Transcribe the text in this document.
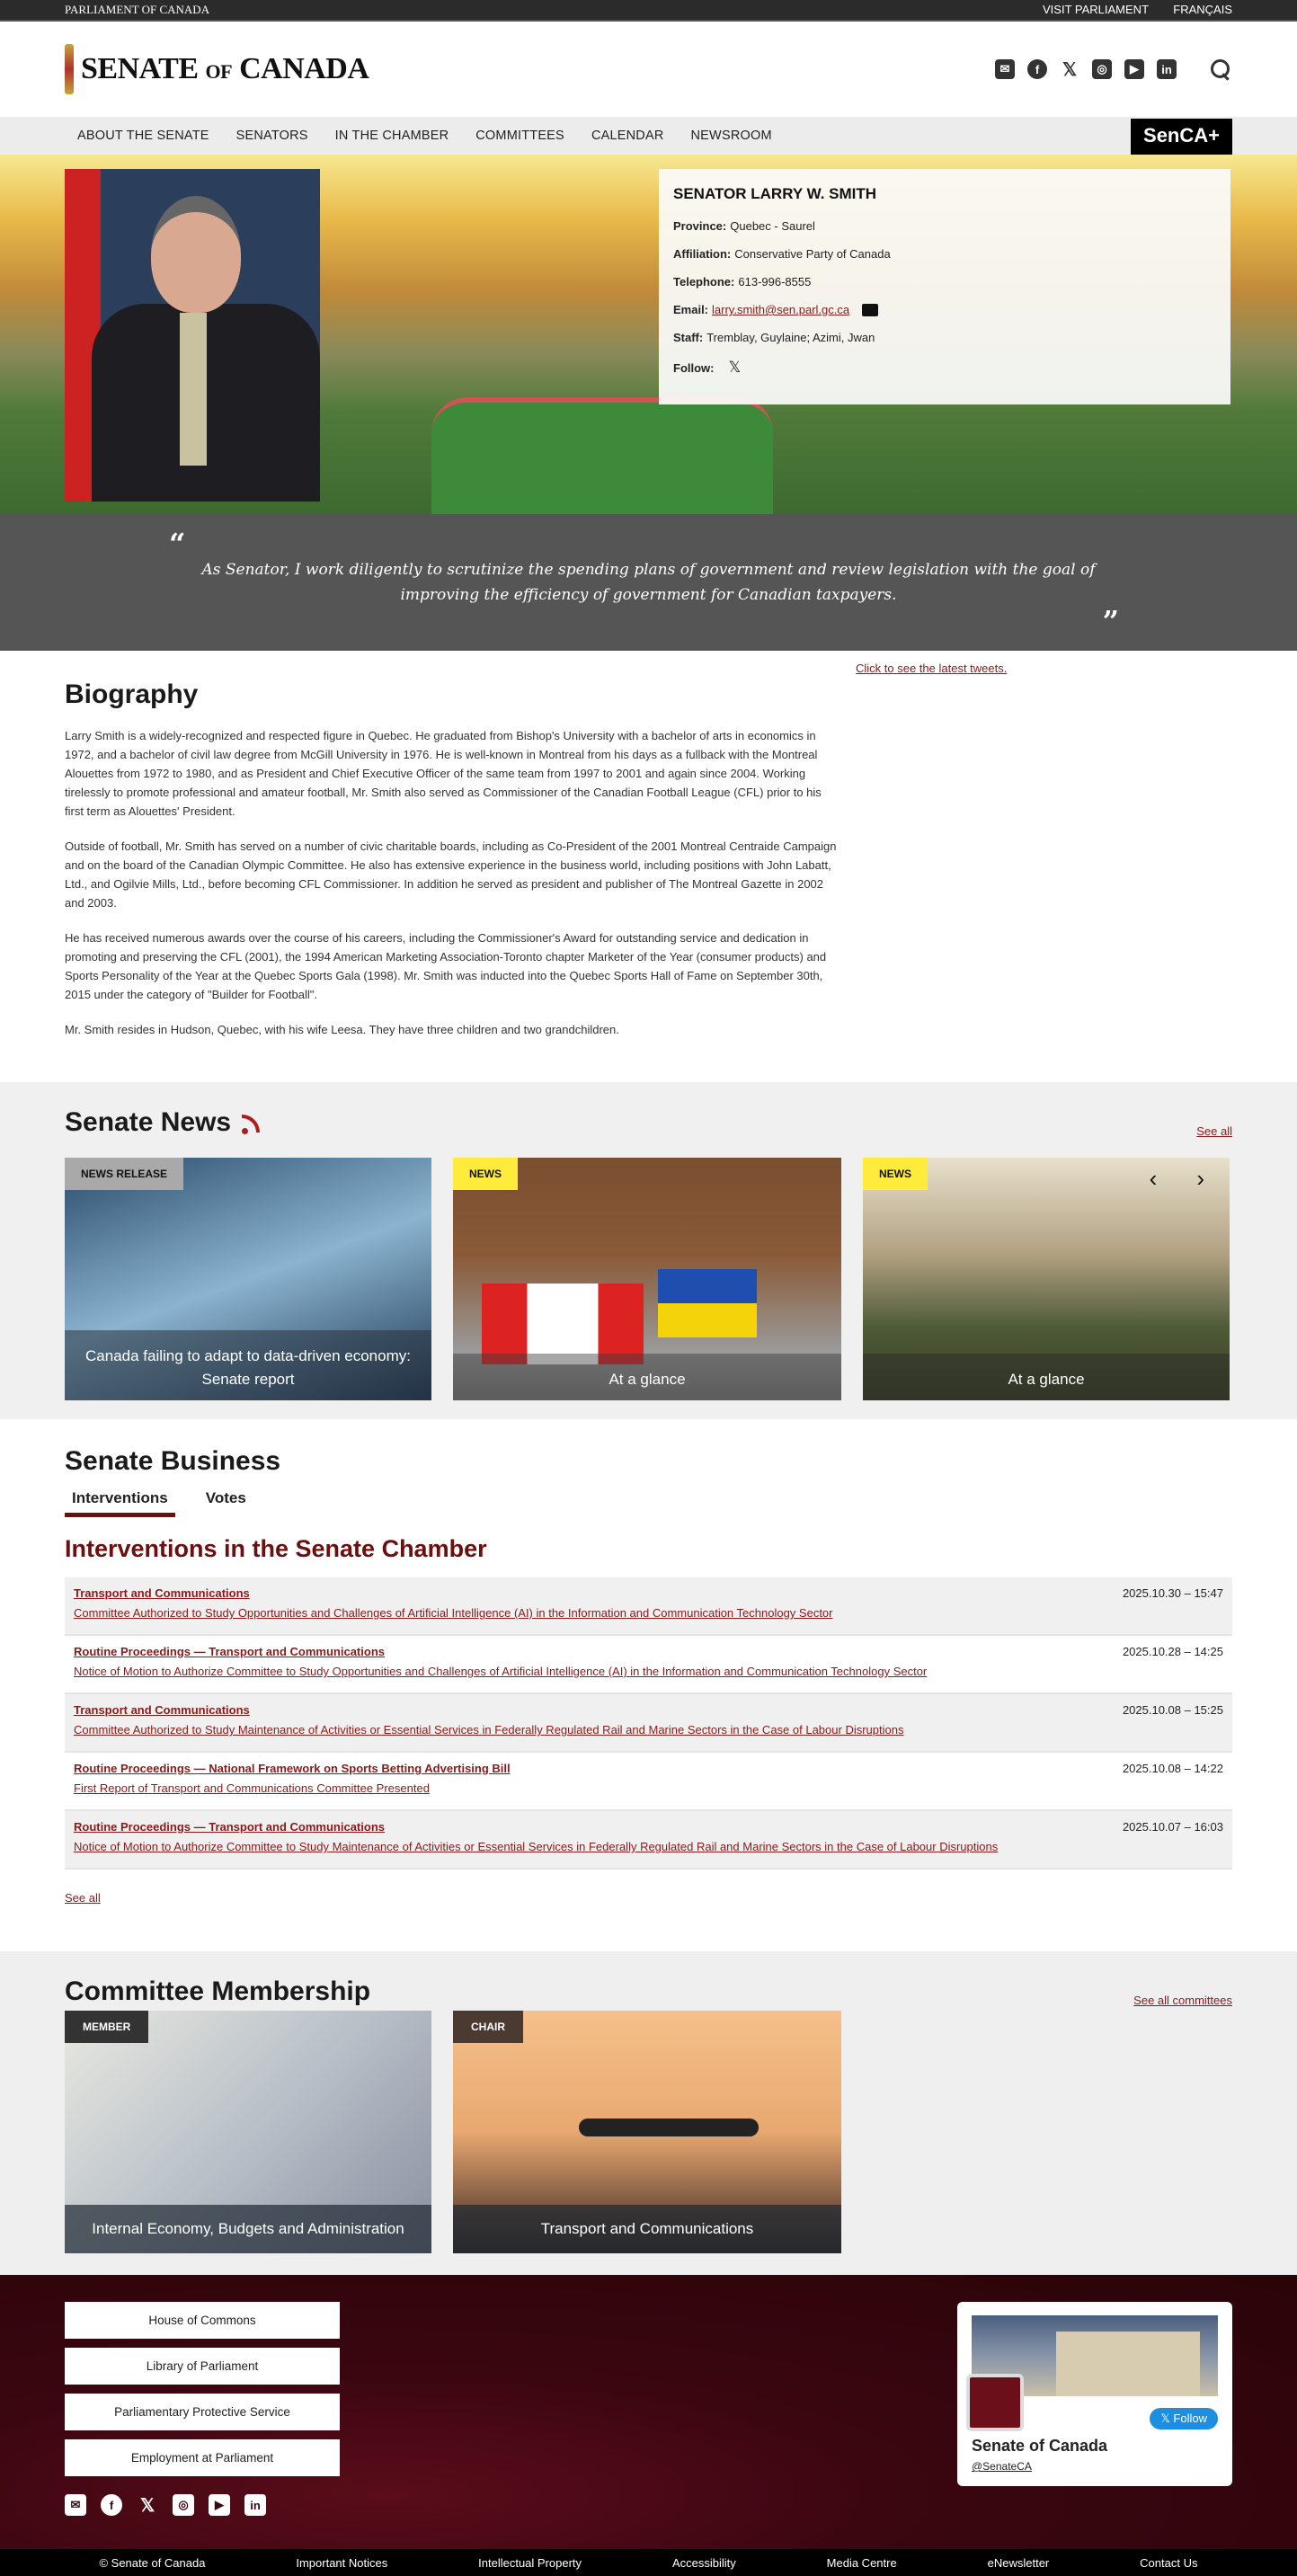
PARLIAMENT OF CANADA	VISIT PARLIAMENT FRANÇAIS
SENATE OF CANADA	✉	f	𝕏	◎	▶	in
ABOUT THE SENATE SENATORS IN THE CHAMBER COMMITTEES CALENDAR NEWSROOM	SenCA+
SENATOR LARRY W. SMITH
Province: Quebec - Saurel
Affiliation: Conservative Party of Canada
Telephone: 613-996-8555
Email: larry.smith@sen.parl.gc.ca
Staff: Tremblay, Guylaine; Azimi, Jwan
Follow: 𝕏
“
As Senator, I work diligently to scrutinize the spending plans of government and review legislation with the goal of improving the efficiency of government for Canadian taxpayers.
”
Click to see the latest tweets.
Biography

Larry Smith is a widely-recognized and respected figure in Quebec. He graduated from Bishop's University with a bachelor of arts in economics in 1972, and a bachelor of civil law degree from McGill University in 1976. He is well-known in Montreal from his days as a fullback with the Montreal Alouettes from 1972 to 1980, and as President and Chief Executive Officer of the same team from 1997 to 2001 and again since 2004. Working tirelessly to promote professional and amateur football, Mr. Smith also served as Commissioner of the Canadian Football League (CFL) prior to his first term as Alouettes' President.

Outside of football, Mr. Smith has served on a number of civic charitable boards, including as Co-President of the 2001 Montreal Centraide Campaign and on the board of the Canadian Olympic Committee. He also has extensive experience in the business world, including positions with John Labatt, Ltd., and Ogilvie Mills, Ltd., before becoming CFL Commissioner. In addition he served as president and publisher of The Montreal Gazette in 2002 and 2003.

He has received numerous awards over the course of his careers, including the Commissioner's Award for outstanding service and dedication in promoting and preserving the CFL (2001), the 1994 American Marketing Association-Toronto chapter Marketer of the Year (consumer products) and Sports Personality of the Year at the Quebec Sports Gala (1998). Mr. Smith was inducted into the Quebec Sports Hall of Fame on September 30th, 2015 under the category of "Builder for Football".

Mr. Smith resides in Hudson, Quebec, with his wife Leesa. They have three children and two grandchildren.

Senate News	See all
NEWS RELEASE
Canada failing to adapt to data-driven economy: Senate report
NEWS
At a glance
NEWS	‹ ›
At a glance
Senate Business
Interventions	Votes
Interventions in the Senate Chamber
Transport and Communications
Committee Authorized to Study Opportunities and Challenges of Artificial Intelligence (AI) in the Information and Communication Technology Sector
2025.10.30 – 15:47
Routine Proceedings — Transport and Communications
Notice of Motion to Authorize Committee to Study Opportunities and Challenges of Artificial Intelligence (AI) in the Information and Communication Technology Sector
2025.10.28 – 14:25
Transport and Communications
Committee Authorized to Study Maintenance of Activities or Essential Services in Federally Regulated Rail and Marine Sectors in the Case of Labour Disruptions
2025.10.08 – 15:25
Routine Proceedings — National Framework on Sports Betting Advertising Bill
First Report of Transport and Communications Committee Presented
2025.10.08 – 14:22
Routine Proceedings — Transport and Communications
Notice of Motion to Authorize Committee to Study Maintenance of Activities or Essential Services in Federally Regulated Rail and Marine Sectors in the Case of Labour Disruptions
2025.10.07 – 16:03
See all
Committee Membership	See all committees
MEMBER
Internal Economy, Budgets and Administration
CHAIR
Transport and Communications
House of Commons
Library of Parliament
Parliamentary Protective Service
Employment at Parliament
✉	f	𝕏	◎	▶	in
𝕏 Follow
Senate of Canada
@SenateCA
© Senate of Canada	Important Notices	Intellectual Property	Accessibility	Media Centre	eNewsletter	Contact Us
